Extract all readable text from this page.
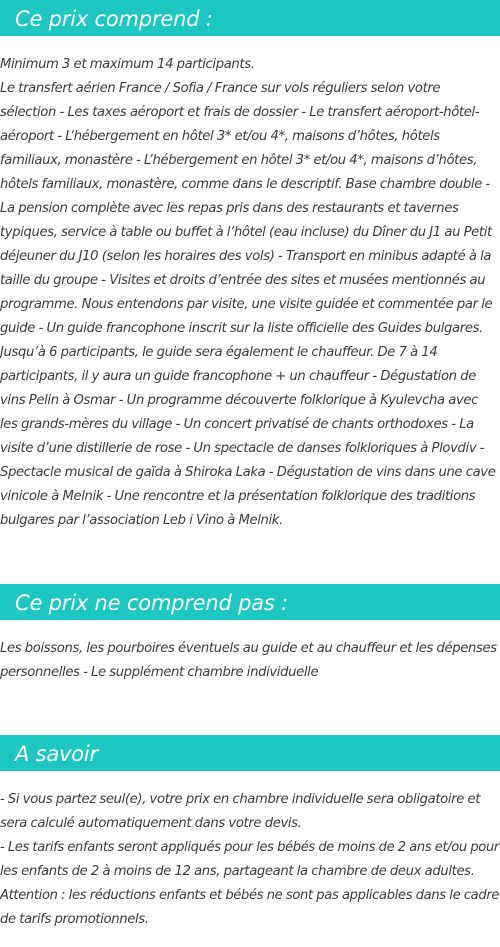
Ce prix comprend :
Minimum 3 et maximum 14 participants.
Le transfert aérien France / Sofia / France sur vols réguliers selon votre
sélection - Les taxes aéroport et frais de dossier - Le transfert aéroport-hôtel-
aéroport - L’hébergement en hôtel 3* et/ou 4*, maisons d’hôtes, hôtels
familiaux, monastère - L’hébergement en hôtel 3* et/ou 4*, maisons d’hôtes,
hôtels familiaux, monastère, comme dans le descriptif. Base chambre double -
La pension complète avec les repas pris dans des restaurants et tavernes
typiques, service à table ou buffet à l’hôtel (eau incluse) du Dîner du J1 au Petit
déjeuner du J10 (selon les horaires des vols) - Transport en minibus adapté à la
taille du groupe - Visites et droits d’entrée des sites et musées mentionnés au
programme. Nous entendons par visite, une visite guidée et commentée par le
guide - Un guide francophone inscrit sur la liste officielle des Guides bulgares.
Jusqu’à 6 participants, le guide sera également le chauffeur. De 7 à 14
participants, il y aura un guide francophone + un chauffeur - Dégustation de
vins Pelin à Osmar - Un programme découverte folklorique à Kyulevcha avec
les grands-mères du village - Un concert privatisé de chants orthodoxes - La
visite d’une distillerie de rose - Un spectacle de danses folkloriques à Plovdiv -
Spectacle musical de gaïda à Shiroka Laka - Dégustation de vins dans une cave
vinicole à Melnik - Une rencontre et la présentation folklorique des traditions
bulgares par l’association Leb i Vino à Melnik.
Ce prix ne comprend pas :
Les boissons, les pourboires éventuels au guide et au chauffeur et les dépenses
personnelles - Le supplément chambre individuelle
A savoir
- Si vous partez seul(e), votre prix en chambre individuelle sera obligatoire et
sera calculé automatiquement dans votre devis.
- Les tarifs enfants seront appliqués pour les bébés de moins de 2 ans et/ou pour
les enfants de 2 à moins de 12 ans, partageant la chambre de deux adultes.
Attention : les réductions enfants et bébés ne sont pas applicables dans le cadre
de tarifs promotionnels.
